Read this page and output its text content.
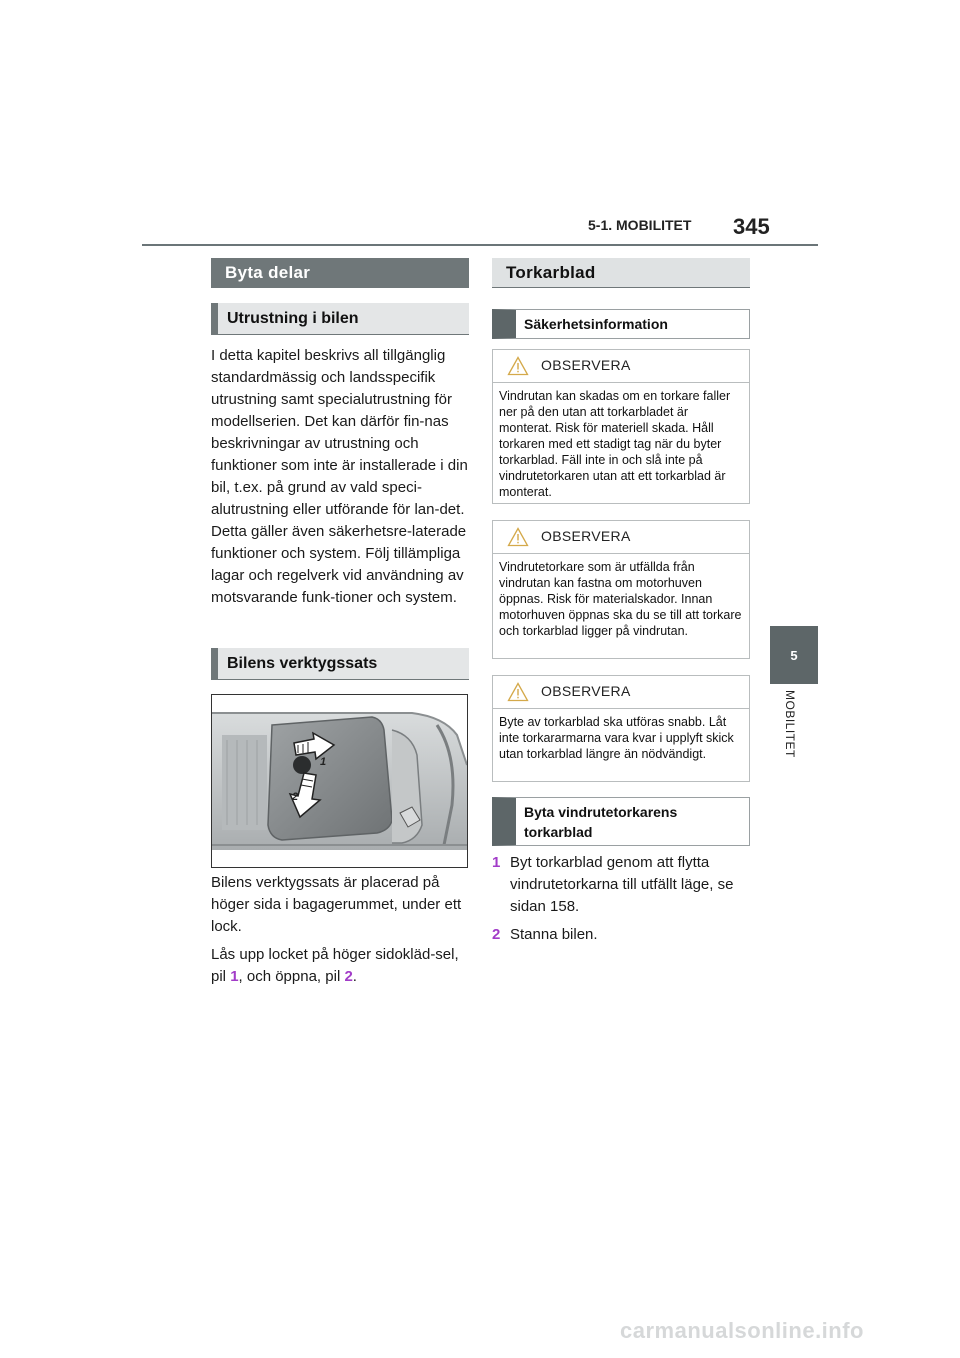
5-1. MOBILITET 345
5
MOBILITET
Byta delar
Utrustning i bilen

I detta kapitel beskrivs all tillgänglig standardmässig och landsspecifik utrustning samt specialutrustning för modellserien. Det kan därför fin-nas beskrivningar av utrustning och funktioner som inte är installerade i din bil, t.ex. på grund av vald speci-alutrustning eller utförande för lan-det. Detta gäller även säkerhetsre-laterade funktioner och system. Följ tillämpliga lagar och regelverk vid användning av motsvarande funk-tioner och system.

Bilens verktygssats
1
2

Bilens verktygssats är placerad på höger sida i bagagerummet, under ett lock.

Lås upp locket på höger sidokläd-sel, pil 1, och öppna, pil 2.

Torkarblad
Säkerhetsinformation
OBSERVERA
Vindrutan kan skadas om en torkare faller ner på den utan att torkarbladet är monterat. Risk för materiell skada. Håll torkaren med ett stadigt tag när du byter torkarblad. Fäll inte in och slå inte på vindrutetorkaren utan att ett torkarblad är monterat.
OBSERVERA
Vindrutetorkare som är utfällda från vindrutan kan fastna om motorhuven öppnas. Risk för materialskador. Innan motorhuven öppnas ska du se till att torkare och torkarblad ligger på vindrutan.
OBSERVERA
Byte av torkarblad ska utföras snabb. Låt inte torkararmarna vara kvar i upplyft skick utan torkarblad längre än nödvändigt.
Byta vindrutetorkarens torkarblad
1 Byt torkarblad genom att flytta vindrutetorkarna till utfällt läge, se sidan 158.
2 Stanna bilen.
carmanualsonline.info
